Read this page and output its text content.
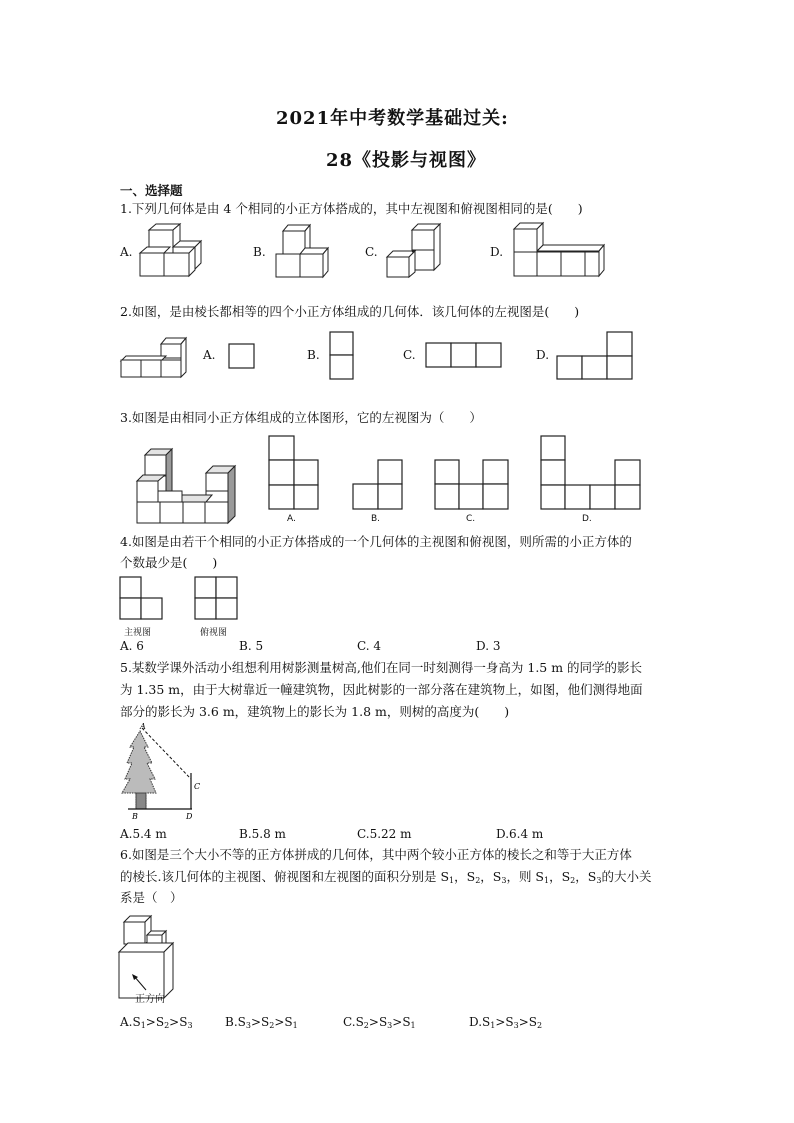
2021年中考数学基础过关:
28《投影与视图》
一、选择题
1.下列几何体是由 4 个相同的小正方体搭成的，其中左视图和俯视图相同的是(　　)
A.	B.	C.	D.
2.如图，是由棱长都相等的四个小正方体组成的几何体．该几何体的左视图是(　　)
A.	B.	C.	D.
3.如图是由相同小正方体组成的立体图形，它的左视图为（　　）
A.	B.	C.	D.
4.如图是由若干个相同的小正方体搭成的一个几何体的主视图和俯视图，则所需的小正方体的
个数最少是(　　)
主视图	俯视图
A. 6	B. 5	C. 4	D. 3
5.某数学课外活动小组想利用树影测量树高,他们在同一时刻测得一身高为 1.5 m 的同学的影长
为 1.35 m，由于大树靠近一幢建筑物，因此树影的一部分落在建筑物上，如图，他们测得地面
部分的影长为 3.6 m，建筑物上的影长为 1.8 m，则树的高度为(　　)
A
B
C
D
A.5.4 m	B.5.8 m	C.5.22 m	D.6.4 m
6.如图是三个大小不等的正方体拼成的几何体，其中两个较小正方体的棱长之和等于大正方体
的棱长.该几何体的主视图、俯视图和左视图的面积分别是 $S_1$，$S_2$，$S_3$，则 $S_1$，$S_2$，$S_3$的大小关
系是（　）
正方向
$A.S_1>S_2>S_3$	$B.S_3>S_2>S_1$	$C.S_2>S_3>S_1$	$D.S_1>S_3>S_2$
